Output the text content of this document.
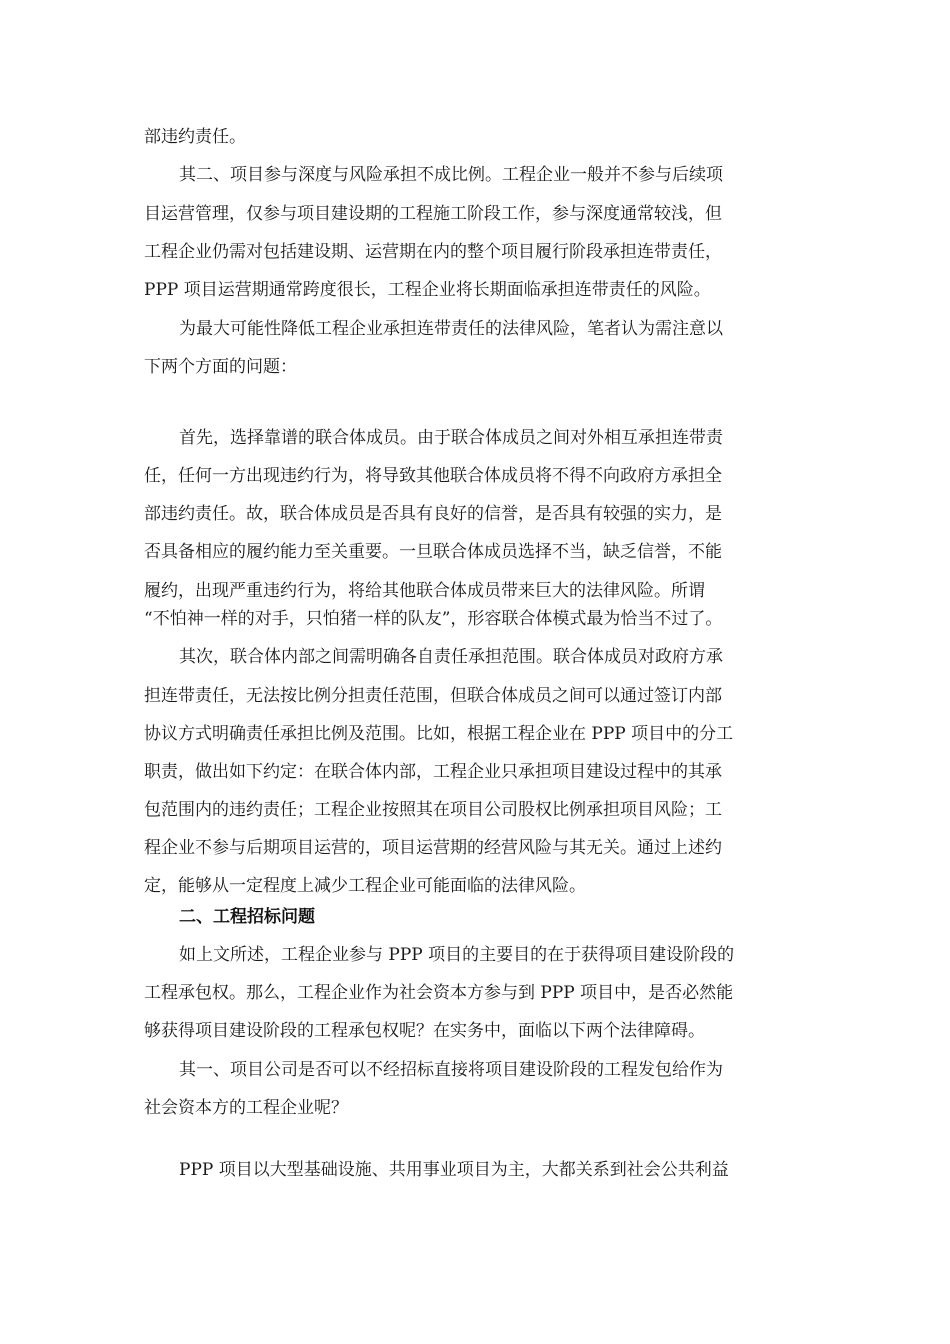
部违约责任。
其二、项目参与深度与风险承担不成比例。工程企业一般并不参与后续项
目运营管理，仅参与项目建设期的工程施工阶段工作，参与深度通常较浅，但
工程企业仍需对包括建设期、运营期在内的整个项目履行阶段承担连带责任，
PPP 项目运营期通常跨度很长，工程企业将长期面临承担连带责任的风险。
为最大可能性降低工程企业承担连带责任的法律风险，笔者认为需注意以
下两个方面的问题：
首先，选择靠谱的联合体成员。由于联合体成员之间对外相互承担连带责
任，任何一方出现违约行为，将导致其他联合体成员将不得不向政府方承担全
部违约责任。故，联合体成员是否具有良好的信誉，是否具有较强的实力，是
否具备相应的履约能力至关重要。一旦联合体成员选择不当，缺乏信誉，不能
履约，出现严重违约行为，将给其他联合体成员带来巨大的法律风险。所谓
“不怕神一样的对手，只怕猪一样的队友”，形容联合体模式最为恰当不过了。
其次，联合体内部之间需明确各自责任承担范围。联合体成员对政府方承
担连带责任，无法按比例分担责任范围，但联合体成员之间可以通过签订内部
协议方式明确责任承担比例及范围。比如，根据工程企业在 PPP 项目中的分工
职责，做出如下约定：在联合体内部，工程企业只承担项目建设过程中的其承
包范围内的违约责任；工程企业按照其在项目公司股权比例承担项目风险；工
程企业不参与后期项目运营的，项目运营期的经营风险与其无关。通过上述约
定，能够从一定程度上减少工程企业可能面临的法律风险。
二、工程招标问题
如上文所述，工程企业参与 PPP 项目的主要目的在于获得项目建设阶段的
工程承包权。那么，工程企业作为社会资本方参与到 PPP 项目中，是否必然能
够获得项目建设阶段的工程承包权呢？在实务中，面临以下两个法律障碍。
其一、项目公司是否可以不经招标直接将项目建设阶段的工程发包给作为
社会资本方的工程企业呢？
PPP 项目以大型基础设施、共用事业项目为主，大都关系到社会公共利益
